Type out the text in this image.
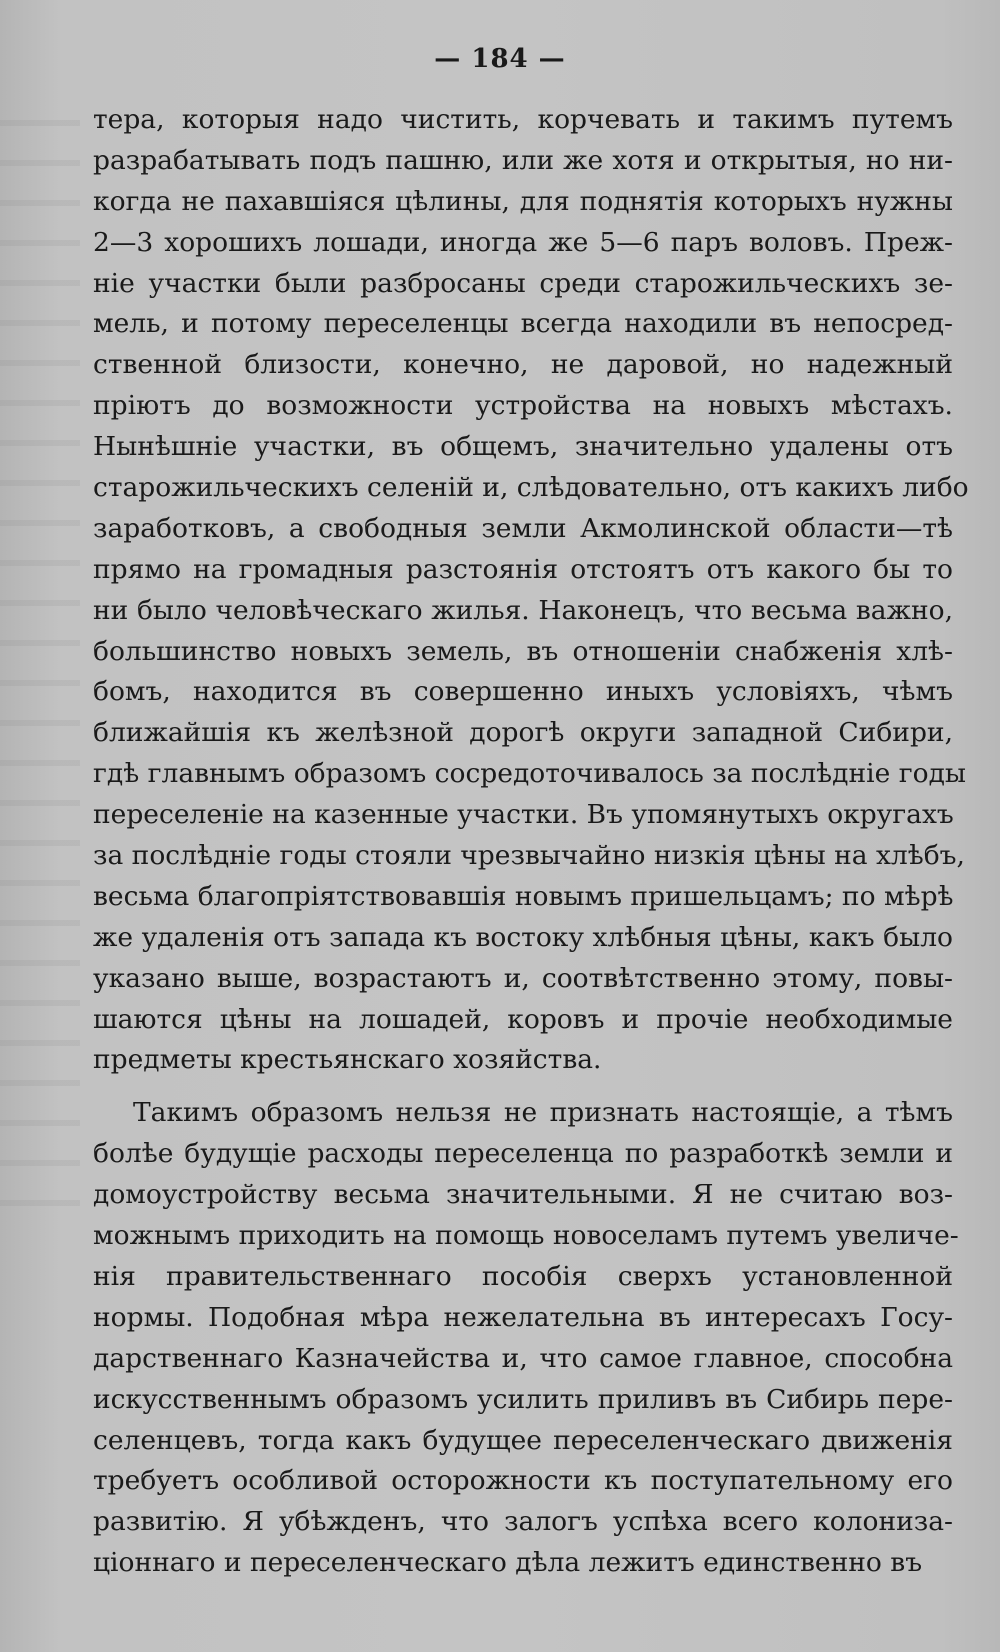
— 184 —
тера, которыя надо чистить, корчевать и такимъ путемъ
разрабатывать подъ пашню, или же хотя и открытыя, но ни-
когда не пахавшіяся цѣлины, для поднятія которыхъ нужны
2—3 хорошихъ лошади, иногда же 5—6 паръ воловъ. Преж-
ніе участки были разбросаны среди старожильческихъ зе-
мель, и потому переселенцы всегда находили въ непосред-
ственной близости, конечно, не даровой, но надежный
пріютъ до возможности устройства на новыхъ мѣстахъ.
Нынѣшніе участки, въ общемъ, значительно удалены отъ
старожильческихъ селеній и, слѣдовательно, отъ какихъ либо
заработковъ, а свободныя земли Акмолинской области—тѣ
прямо на громадныя разстоянія отстоятъ отъ какого бы то
ни было человѣческаго жилья. Наконецъ, что весьма важно,
большинство новыхъ земель, въ отношеніи снабженія хлѣ-
бомъ, находится въ совершенно иныхъ условіяхъ, чѣмъ
ближайшія къ желѣзной дорогѣ округи западной Сибири,
гдѣ главнымъ образомъ сосредоточивалось за послѣдніе годы
переселеніе на казенные участки. Въ упомянутыхъ округахъ
за послѣдніе годы стояли чрезвычайно низкія цѣны на хлѣбъ,
весьма благопріятствовавшія новымъ пришельцамъ; по мѣрѣ
же удаленія отъ запада къ востоку хлѣбныя цѣны, какъ было
указано выше, возрастаютъ и, соотвѣтственно этому, повы-
шаются цѣны на лошадей, коровъ и прочіе необходимые
предметы крестьянскаго хозяйства.
Такимъ образомъ нельзя не признать настоящіе, а тѣмъ
болѣе будущіе расходы переселенца по разработкѣ земли и
домоустройству весьма значительными. Я не считаю воз-
можнымъ приходить на помощь новоселамъ путемъ увеличе-
нія правительственнаго пособія сверхъ установленной
нормы. Подобная мѣра нежелательна въ интересахъ Госу-
дарственнаго Казначейства и, что самое главное, способна
искусственнымъ образомъ усилить приливъ въ Сибирь пере-
селенцевъ, тогда какъ будущее переселенческаго движенія
требуетъ особливой осторожности къ поступательному его
развитію. Я убѣжденъ, что залогъ успѣха всего колониза-
ціоннаго и переселенческаго дѣла лежитъ единственно въ
